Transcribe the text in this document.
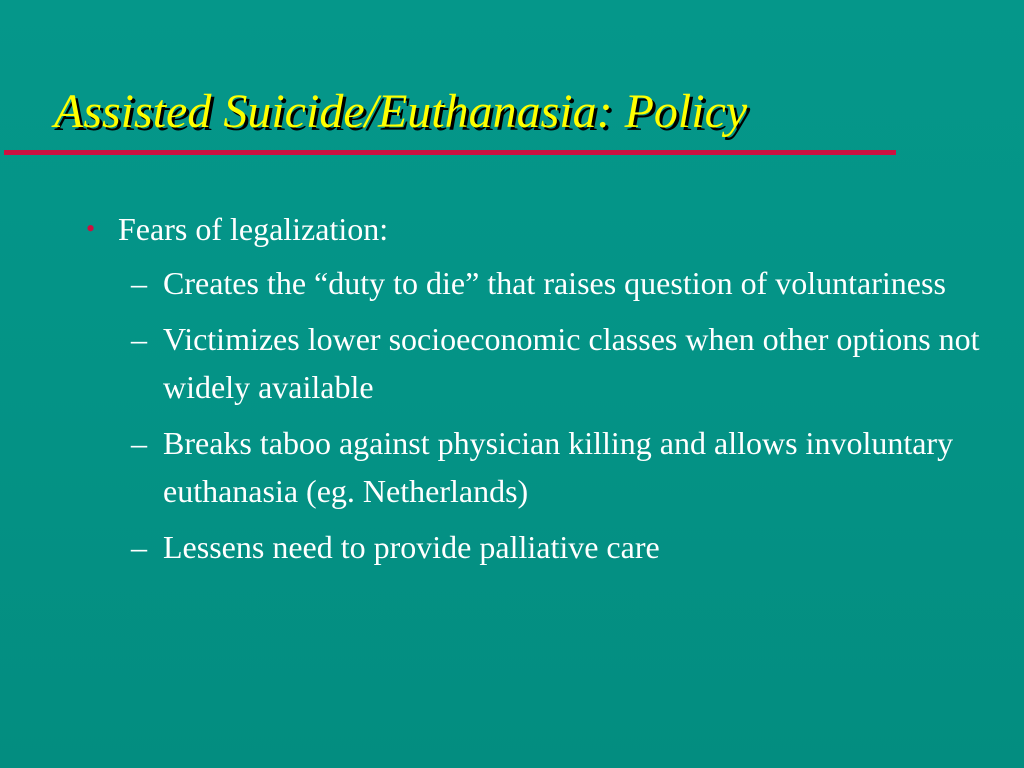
Assisted Suicide/Euthanasia: Policy
• Fears of legalization:
– Creates the “duty to die” that raises question of voluntariness
– Victimizes lower socioeconomic classes when other options not widely available
– Breaks taboo against physician killing and allows involuntary euthanasia (eg. Netherlands)
– Lessens need to provide palliative care
